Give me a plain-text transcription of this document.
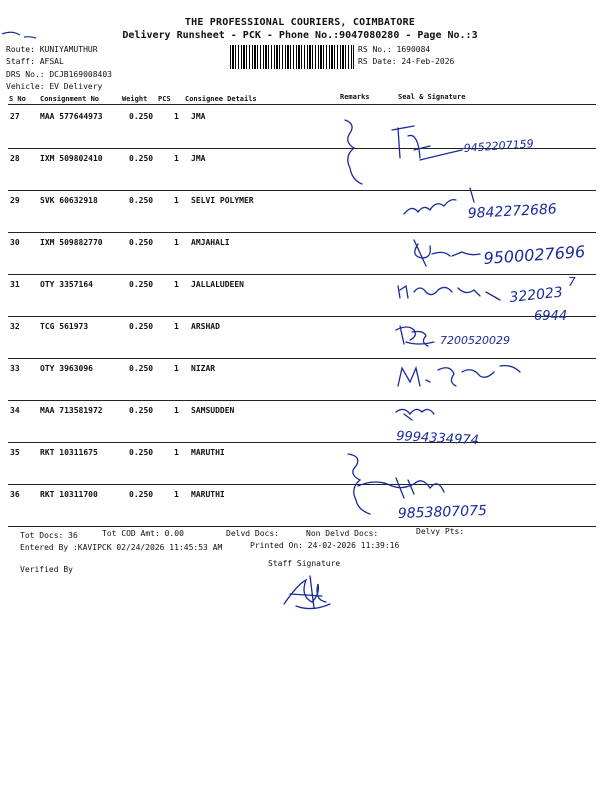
THE PROFESSIONAL COURIERS, COIMBATORE
Delivery Runsheet - PCK - Phone No.:9047080280 - Page No.:3
Route: KUNIYAMUTHUR
Staff: AFSAL
DRS No.: DCJB169008403
Vehicle: EV Delivery
RS No.: 1690084
RS Date: 24-Feb-2026
S No Consignment No	Weight PCS Consignee Details	Remarks	Seal & Signature
27	MAA 577644973	0.250	1 JMA
28	IXM 509802410	0.250	1 JMA
29	SVK 60632918	0.250	1 SELVI POLYMER
30	IXM 509882770	0.250	1 AMJAHALI
31	OTY 3357164	0.250	1 JALLALUDEEN
32	TCG 561973	0.250	1 ARSHAD
33	OTY 3963096	0.250	1 NIZAR
34	MAA 713581972	0.250	1 SAMSUDDEN
35	RKT 10311675	0.250	1 MARUTHI
36	RKT 10311700	0.250	1 MARUTHI
9452207159
9842272686
9500027696
322023
7
6944
7200520029
9994334974
9853807075
Tot Docs: 36	Tot COD Amt: 0.00	Delvd Docs:	Non Delvd Docs:	Delvy Pts:
Entered By :KAVIPCK 02/24/2026 11:45:53 AM	Printed On: 24-02-2026 11:39:16
Verified By
Staff Signature
